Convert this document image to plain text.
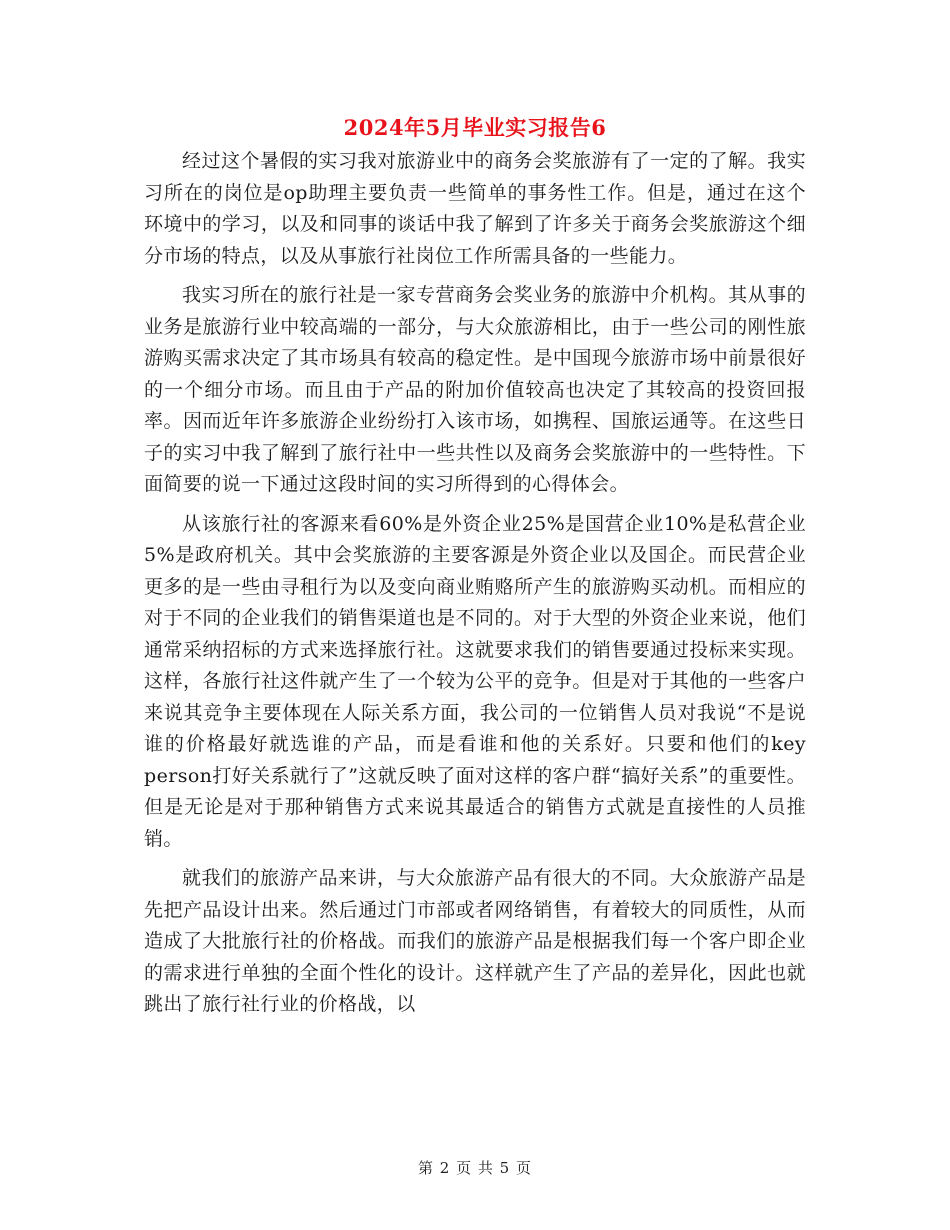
2024年5月毕业实习报告6

经过这个暑假的实习我对旅游业中的商务会奖旅游有了一定的了解。我实习所在的岗位是op助理主要负责一些简单的事务性工作。但是，通过在这个环境中的学习，以及和同事的谈话中我了解到了许多关于商务会奖旅游这个细分市场的特点，以及从事旅行社岗位工作所需具备的一些能力。

我实习所在的旅行社是一家专营商务会奖业务的旅游中介机构。其从事的业务是旅游行业中较高端的一部分，与大众旅游相比，由于一些公司的刚性旅游购买需求决定了其市场具有较高的稳定性。是中国现今旅游市场中前景很好的一个细分市场。而且由于产品的附加价值较高也决定了其较高的投资回报率。因而近年许多旅游企业纷纷打入该市场，如携程、国旅运通等。在这些日子的实习中我了解到了旅行社中一些共性以及商务会奖旅游中的一些特性。下面简要的说一下通过这段时间的实习所得到的心得体会。

从该旅行社的客源来看60%是外资企业25%是国营企业10%是私营企业5%是政府机关。其中会奖旅游的主要客源是外资企业以及国企。而民营企业更多的是一些由寻租行为以及变向商业贿赂所产生的旅游购买动机。而相应的对于不同的企业我们的销售渠道也是不同的。对于大型的外资企业来说，他们通常采纳招标的方式来选择旅行社。这就要求我们的销售要通过投标来实现。这样，各旅行社这件就产生了一个较为公平的竞争。但是对于其他的一些客户来说其竞争主要体现在人际关系方面，我公司的一位销售人员对我说“不是说谁的价格最好就选谁的产品，而是看谁和他的关系好。只要和他们的key person打好关系就行了”这就反映了面对这样的客户群“搞好关系”的重要性。但是无论是对于那种销售方式来说其最适合的销售方式就是直接性的人员推销。

就我们的旅游产品来讲，与大众旅游产品有很大的不同。大众旅游产品是先把产品设计出来。然后通过门市部或者网络销售，有着较大的同质性，从而造成了大批旅行社的价格战。而我们的旅游产品是根据我们每一个客户即企业的需求进行单独的全面个性化的设计。这样就产生了产品的差异化，因此也就跳出了旅行社行业的价格战，以

第 2 页 共 5 页
